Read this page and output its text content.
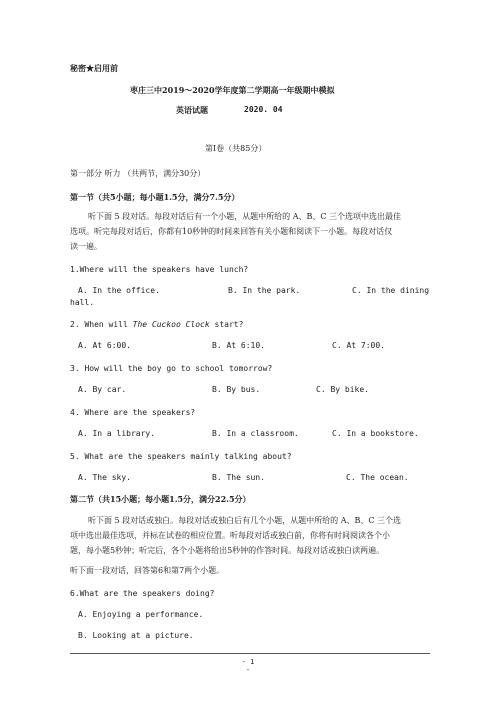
秘密★启用前
枣庄三中2019～2020学年度第二学期高一年级期中模拟
英语试题	2020. 04
第Ⅰ卷（共85分）
第一部分 听力 （共两节，满分30分）
第一节（共5小题；每小题1.5分，满分7.5分）
听下面 5 段对话。每段对话后有一个小题，从题中所给的 A、B、C 三个选项中选出最佳
选项。听完每段对话后，你都有10秒钟的时间来回答有关小题和阅读下一小题。每段对话仅
读一遍。
1.Where will the speakers have lunch?
A. In the office.	B. In the park.	C. In the dining
hall.
2. When will The Cuckoo Clock start?
A. At 6:00.	B. At 6:10.	C. At 7:00.
3. How will the boy go to school tomorrow?
A. By car.	B. By bus.	C. By bike.
4. Where are the speakers?
A. In a library.	B. In a classroom.	C. In a bookstore.
5. What are the speakers mainly talking about?
A. The sky.	B. The sun.	C. The ocean.
第二节（共15小题；每小题1.5分，满分22.5分）
听下面 5 段对话或独白。每段对话或独白后有几个小题，从题中所给的 A、B、C 三个选
项中选出最佳选项，并标在试卷的相应位置。听每段对话或独白前，你将有时间阅读各个小
题，每小题5秒钟；听完后，各个小题将给出5秒钟的作答时间。每段对话或独白读两遍。
听下面一段对话，回答第6和第7两个小题。
6.What are the speakers doing?
A. Enjoying a performance.
B. Looking at a picture.
- 1 -
